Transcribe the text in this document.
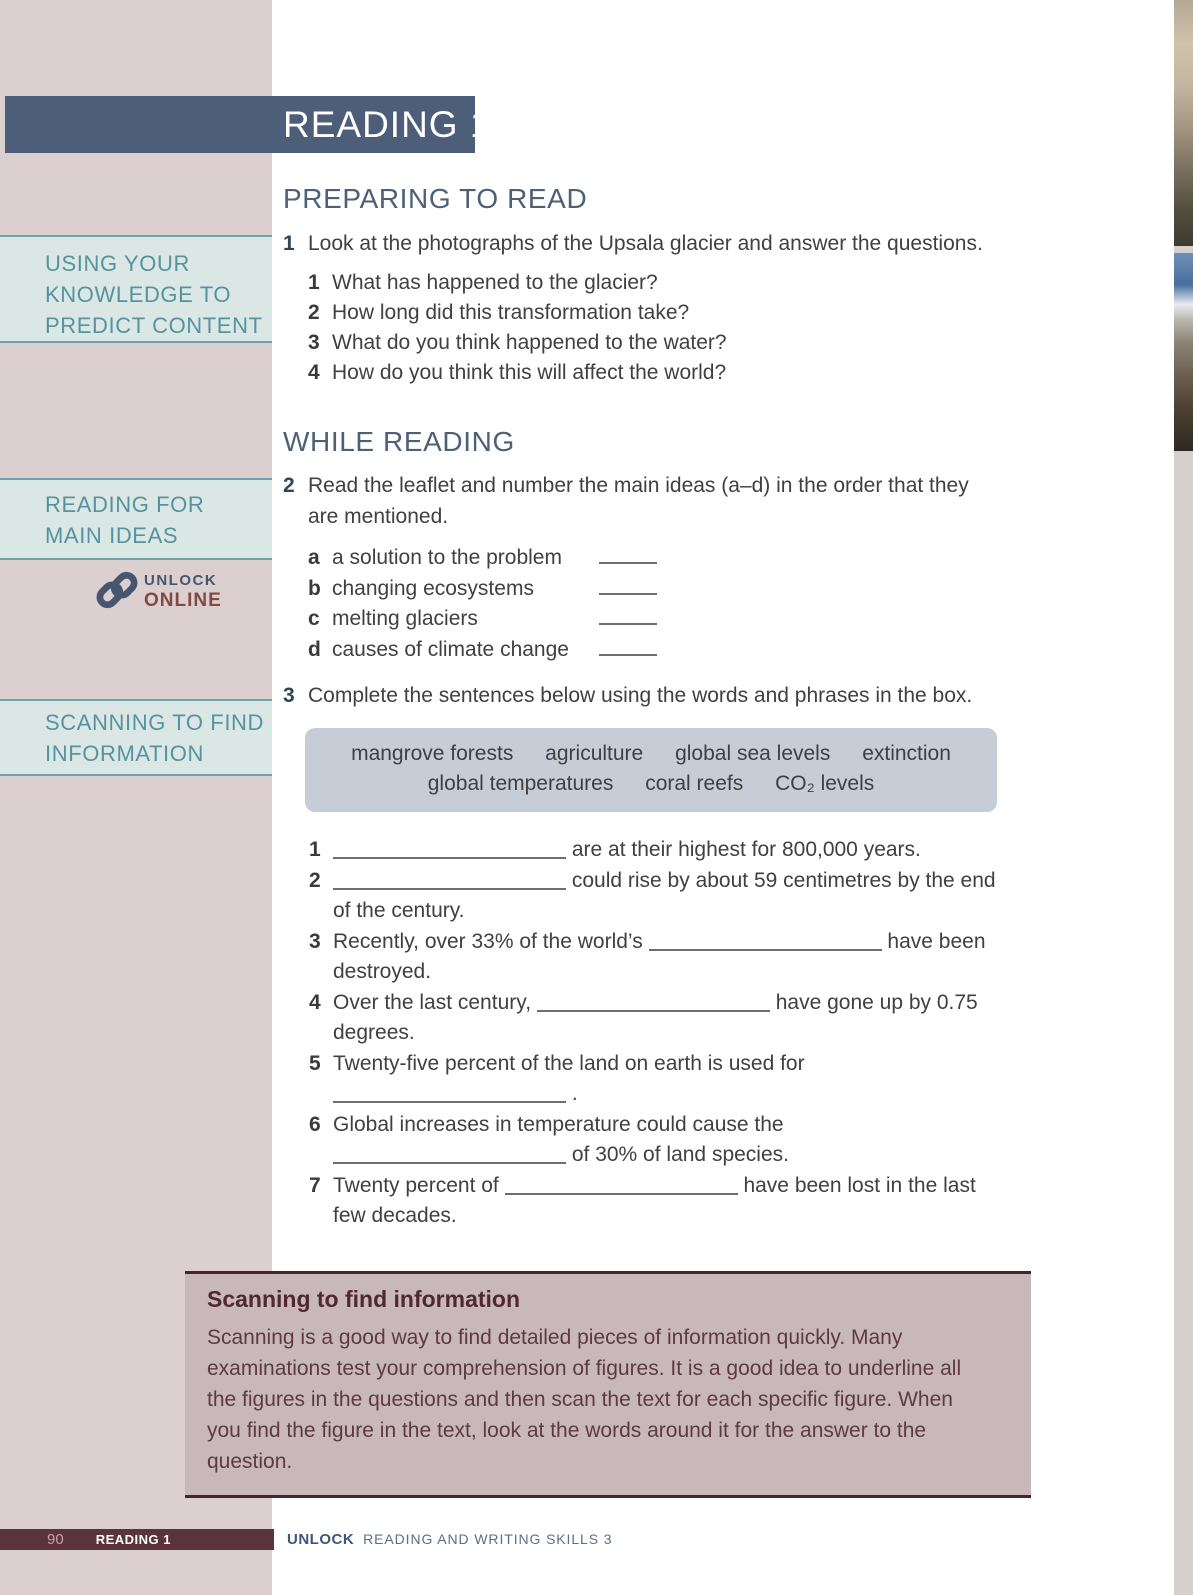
USING YOUR
KNOWLEDGE TO
PREDICT CONTENT
READING FOR
MAIN IDEAS
SCANNING TO FIND
INFORMATION
UNLOCK
ONLINE
READING 1
PREPARING TO READ
1 Look at the photographs of the Upsala glacier and answer the questions.
1 What has happened to the glacier?
2 How long did this transformation take?
3 What do you think happened to the water?
4 How do you think this will affect the world?
WHILE READING
2 Read the leaflet and number the main ideas (a–d) in the order that they are mentioned.
a a solution to the problem
b changing ecosystems
c melting glaciers
d causes of climate change
3 Complete the sentences below using the words and phrases in the box.
mangrove forests agriculture global sea levels extinction
global temperatures coral reefs CO₂ levels
1	are at their highest for 800,000 years.
2	could rise by about 59 centimetres by the end of the century.
3 Recently, over 33% of the world’s	have been destroyed.
4 Over the last century,	have gone up by 0.75 degrees.
5 Twenty-five percent of the land on earth is used for  .
6 Global increases in temperature could cause the  of 30% of land species.
7 Twenty percent of	have been lost in the last few decades.
Scanning to find information
Scanning is a good way to find detailed pieces of information quickly. Many examinations test your comprehension of figures. It is a good idea to underline all the figures in the questions and then scan the text for each specific figure. When you find the figure in the text, look at the words around it for the answer to the question.
90 READING 1	UNLOCK READING AND WRITING SKILLS 3
